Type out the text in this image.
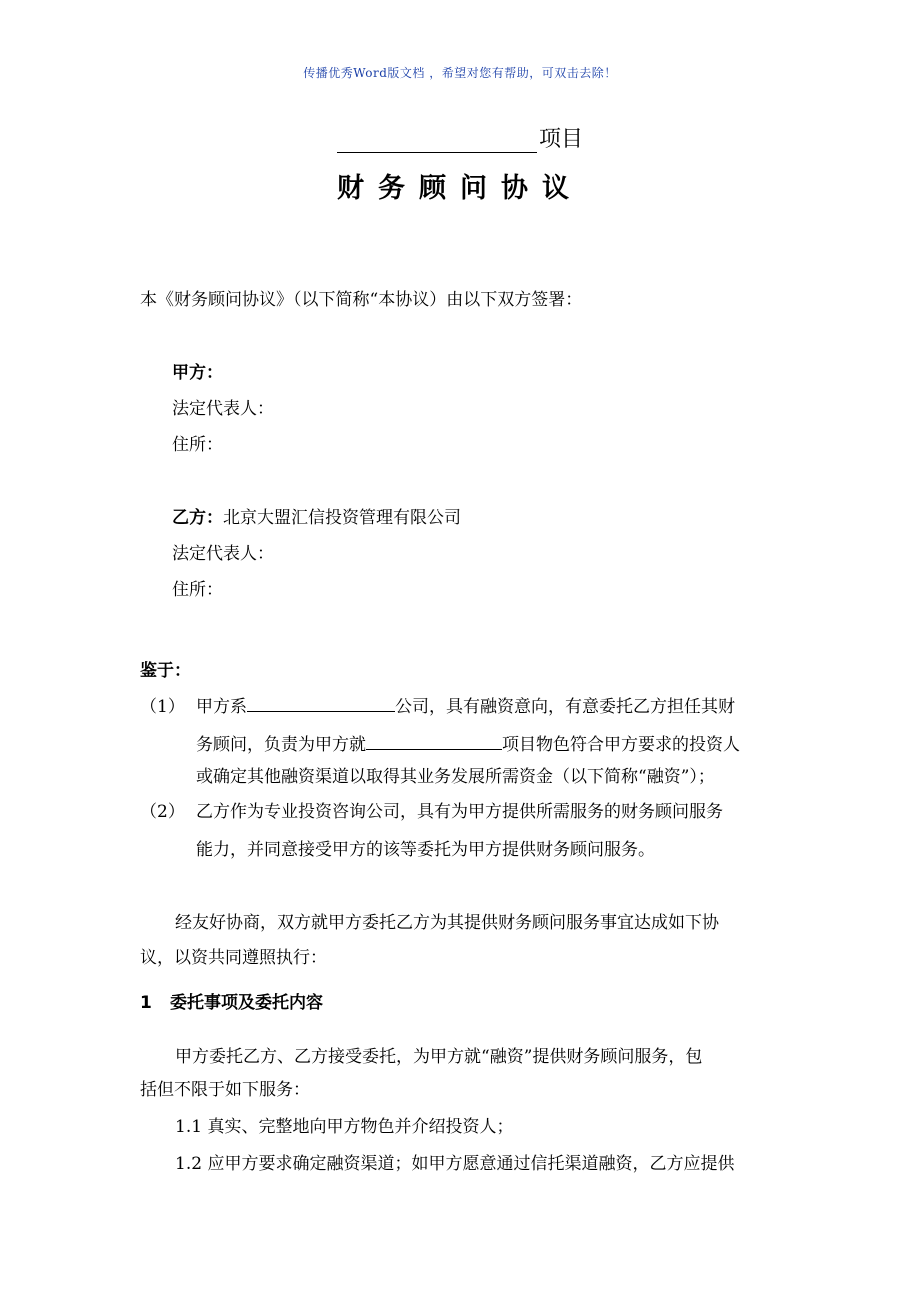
传播优秀Word版文档 ，希望对您有帮助，可双击去除！
项目
财务顾问协议
本《财务顾问协议》（以下简称“本协议）由以下双方签署：
甲方：
法定代表人：
住所：
乙方：北京大盟汇信投资管理有限公司
法定代表人：
住所：
鉴于：
（1） 甲方系	公司，具有融资意向，有意委托乙方担任其财
务顾问，负责为甲方就	项目物色符合甲方要求的投资人
或确定其他融资渠道以取得其业务发展所需资金（以下简称“融资”）；
（2） 乙方作为专业投资咨询公司，具有为甲方提供所需服务的财务顾问服务
能力，并同意接受甲方的该等委托为甲方提供财务顾问服务。
经友好协商，双方就甲方委托乙方为其提供财务顾问服务事宜达成如下协
议，以资共同遵照执行：
1 委托事项及委托内容
甲方委托乙方、乙方接受委托，为甲方就“融资”提供财务顾问服务，包
括但不限于如下服务：
1.1 真实、完整地向甲方物色并介绍投资人；
1.2 应甲方要求确定融资渠道；如甲方愿意通过信托渠道融资，乙方应提供
